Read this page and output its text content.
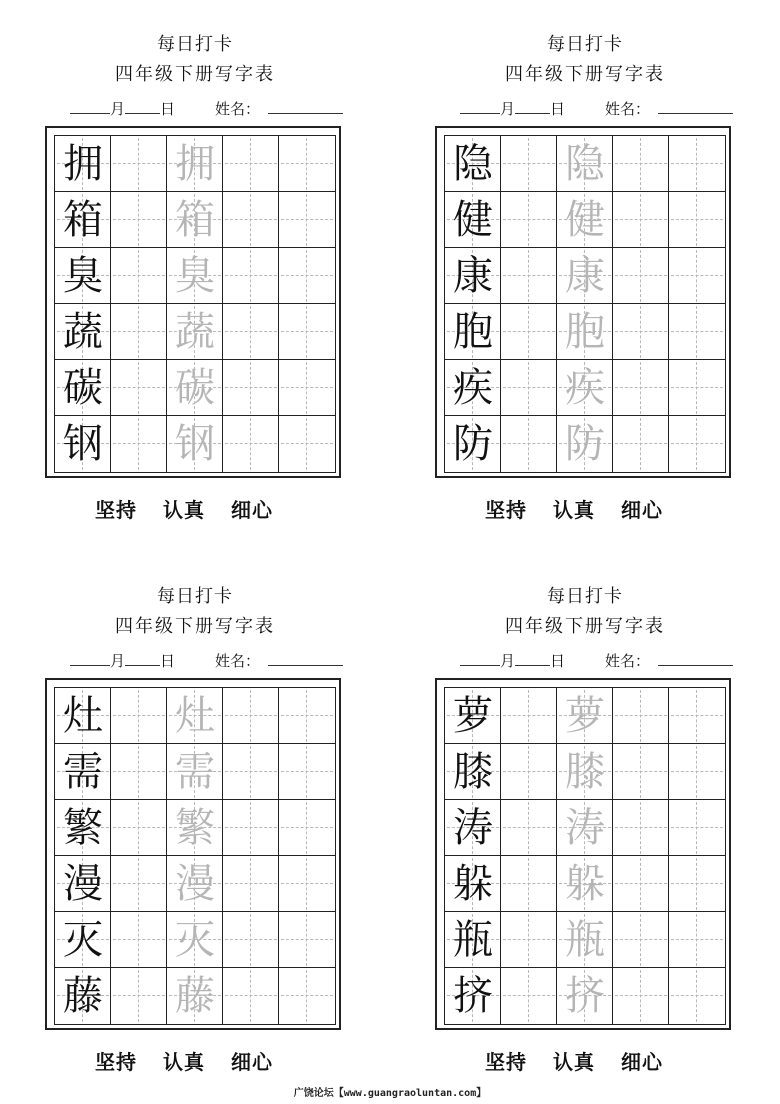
每日打卡
四年级下册写字表
月 日	姓名：
拥 拥
箱 箱
臭 臭
蔬 蔬
碳 碳
钢 钢
坚持 认真 细心
每日打卡
四年级下册写字表
月 日	姓名：
隐 隐
健 健
康 康
胞 胞
疾 疾
防 防
坚持 认真 细心
每日打卡
四年级下册写字表
月 日	姓名：
灶 灶
需 需
繁 繁
漫 漫
灭 灭
藤 藤
坚持 认真 细心
每日打卡
四年级下册写字表
月 日	姓名：
萝 萝
膝 膝
涛 涛
躲 躲
瓶 瓶
挤 挤
坚持 认真 细心
广饶论坛【www.guangraoluntan.com】
